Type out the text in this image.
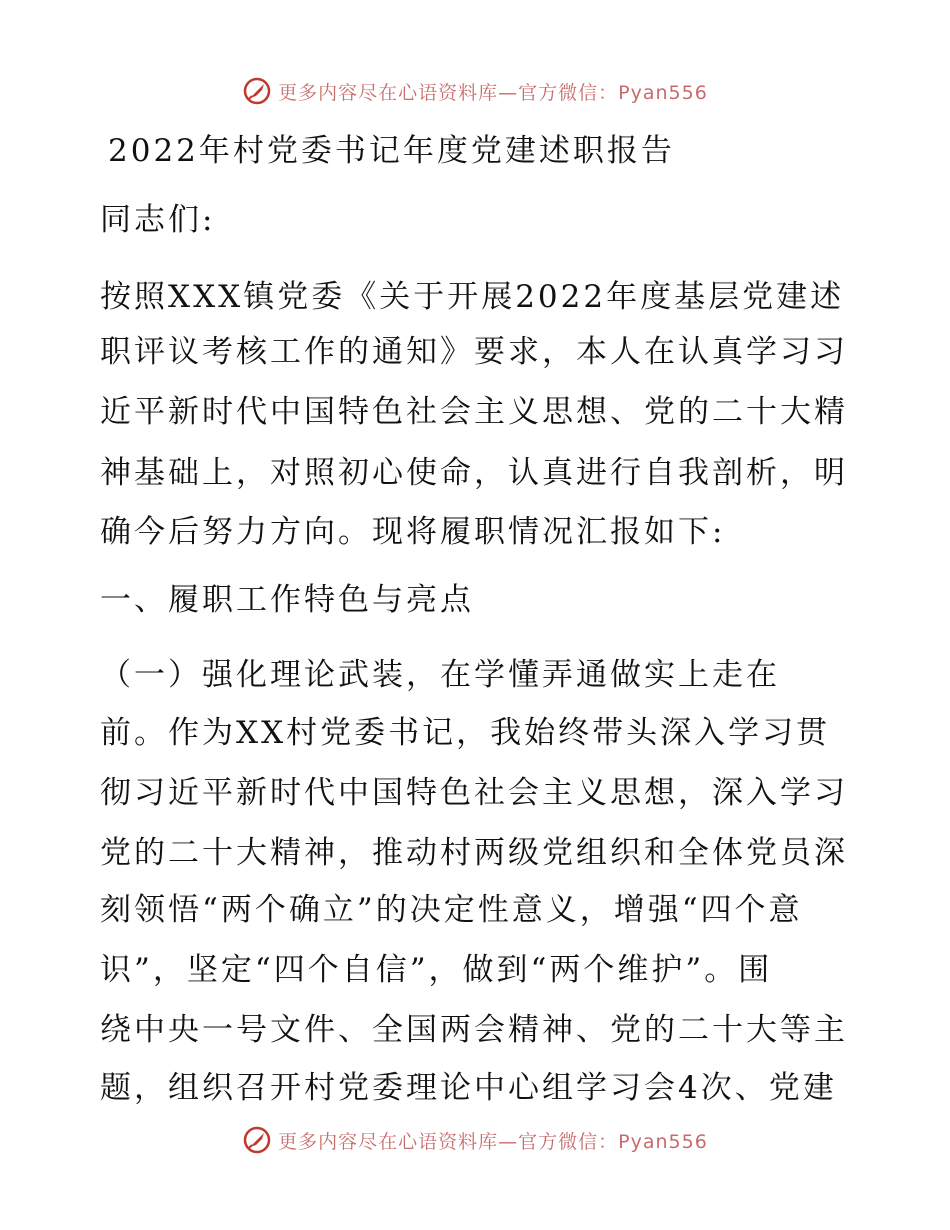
更多内容尽在心语资料库—官方微信：Pyan556
2022年村党委书记年度党建述职报告
同志们:
按照XXX镇党委《关于开展2022年度基层党建述
职评议考核工作的通知》要求，本人在认真学习习
近平新时代中国特色社会主义思想、党的二十大精
神基础上，对照初心使命，认真进行自我剖析，明
确今后努力方向。现将履职情况汇报如下:
一、履职工作特色与亮点
（一）强化理论武装，在学懂弄通做实上走在
前。作为XX村党委书记，我始终带头深入学习贯
彻习近平新时代中国特色社会主义思想，深入学习
党的二十大精神，推动村两级党组织和全体党员深
刻领悟“两个确立”的决定性意义，增强“四个意
识”，坚定“四个自信”，做到“两个维护”。围
绕中央一号文件、全国两会精神、党的二十大等主
题，组织召开村党委理论中心组学习会4次、党建
更多内容尽在心语资料库—官方微信：Pyan556
